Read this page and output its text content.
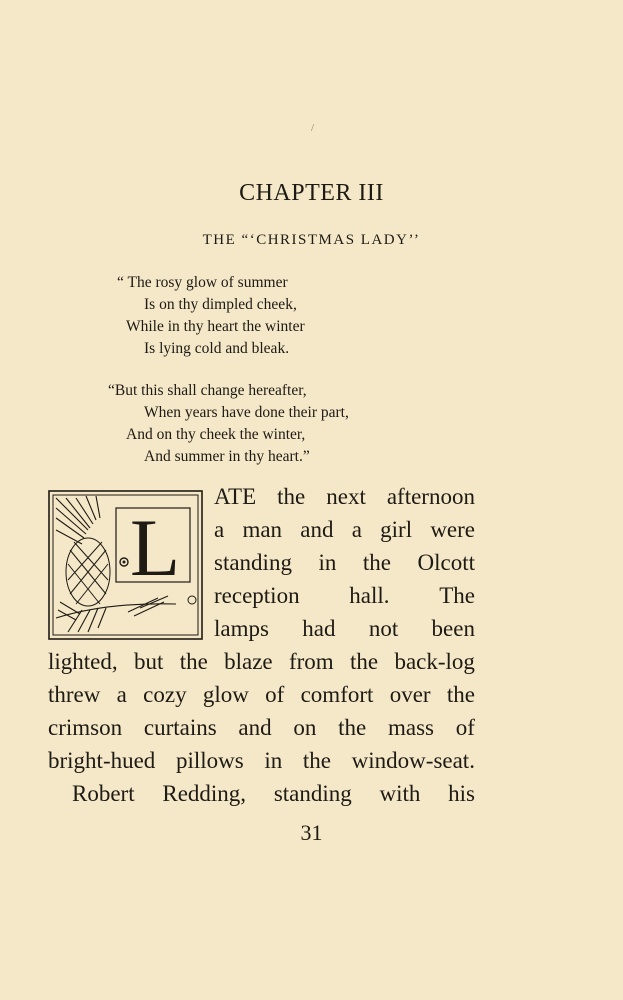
/
CHAPTER III
THE “‘CHRISTMAS LADY’’
“ The rosy glow of summer
Is on thy dimpled cheek,
While in thy heart the winter
Is lying cold and bleak.
“But this shall change hereafter,
When years have done their part,
And on thy cheek the winter,
And summer in thy heart.”
L
ATE the next afternoon
a man and a girl were
standing in the Olcott
reception hall. The
lamps had not been
lighted, but the blaze from the back-log
threw a cozy glow of comfort over the
crimson curtains and on the mass of
bright-hued pillows in the window-seat.
Robert Redding, standing with his
31
